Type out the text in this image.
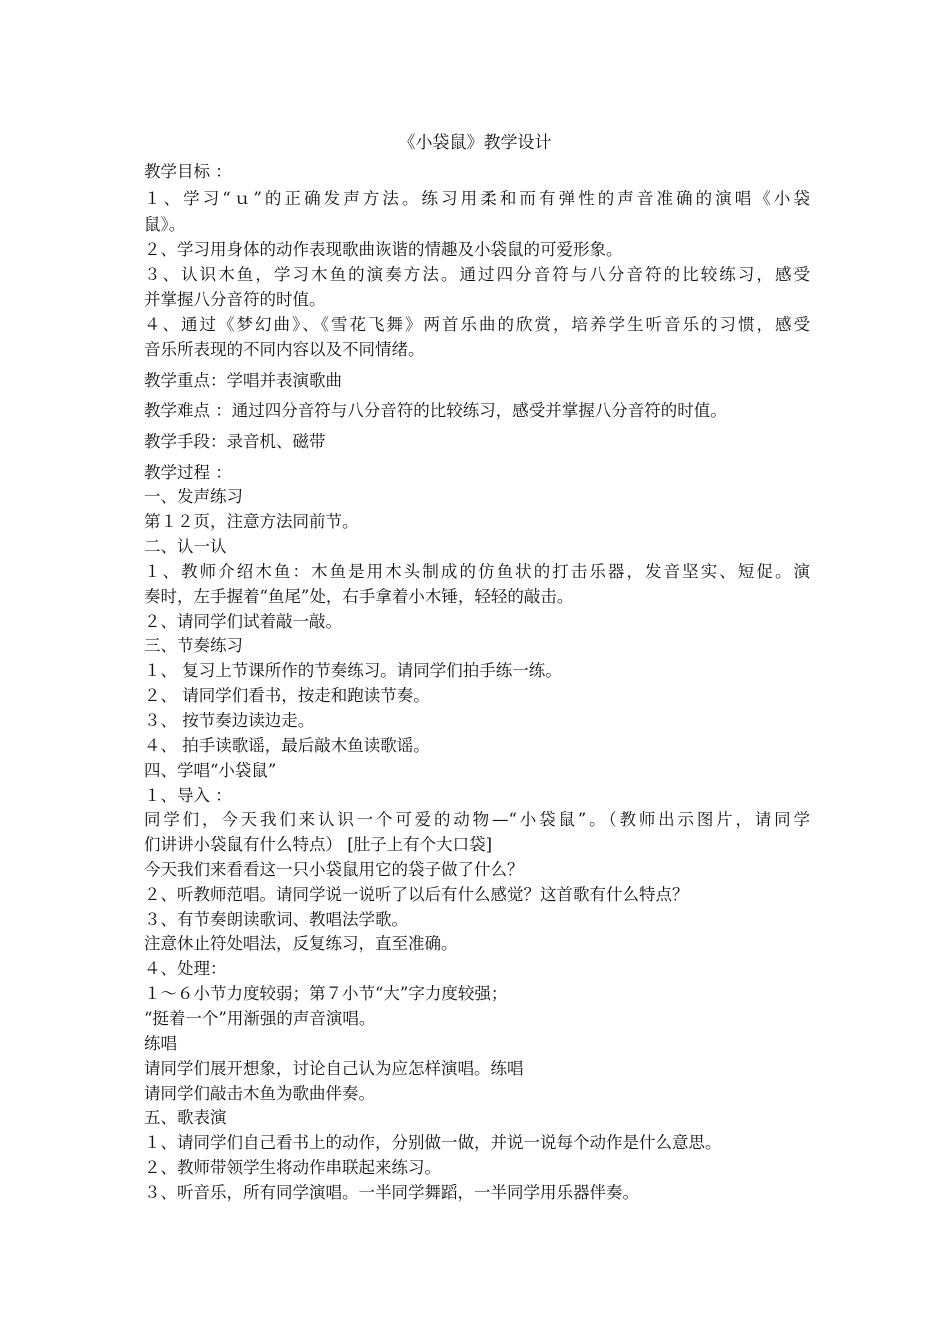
《小袋鼠》教学设计
教学目标 ：
１、学习“ｕ”的正确发声方法。练习用柔和而有弹性的声音准确的演唱《小袋
鼠》。
２、学习用身体的动作表现歌曲诙谐的情趣及小袋鼠的可爱形象。
３、认识木鱼，学习木鱼的演奏方法。通过四分音符与八分音符的比较练习，感受
并掌握八分音符的时值。
４、通过《梦幻曲》、《雪花飞舞》两首乐曲的欣赏，培养学生听音乐的习惯，感受
音乐所表现的不同内容以及不同情绪。
教学重点：学唱并表演歌曲
教学难点 ：通过四分音符与八分音符的比较练习，感受并掌握八分音符的时值。
教学手段：录音机、磁带
教学过程 ：
一、发声练习
第１２页，注意方法同前节。
二、认一认
１、教师介绍木鱼：木鱼是用木头制成的仿鱼状的打击乐器，发音坚实、短促。演
奏时，左手握着“鱼尾”处，右手拿着小木锤，轻轻的敲击。
２、请同学们试着敲一敲。
三、节奏练习
１、 复习上节课所作的节奏练习。请同学们拍手练一练。
２、 请同学们看书，按走和跑读节奏。
３、 按节奏边读边走。
４、 拍手读歌谣，最后敲木鱼读歌谣。
四、学唱“小袋鼠”
１、导入 ：
同学们，今天我们来认识一个可爱的动物—“小袋鼠”。（教师出示图片，请同学
们讲讲小袋鼠有什么特点） [肚子上有个大口袋]
今天我们来看看这一只小袋鼠用它的袋子做了什么？
２、听教师范唱。请同学说一说听了以后有什么感觉？这首歌有什么特点？
３、有节奏朗读歌词、教唱法学歌。
注意休止符处唱法，反复练习，直至准确。
４、处理：
１～６小节力度较弱；第７小节“大”字力度较强；
“挺着一个”用渐强的声音演唱。
练唱
请同学们展开想象，讨论自己认为应怎样演唱。练唱
请同学们敲击木鱼为歌曲伴奏。
五、歌表演
１、请同学们自己看书上的动作，分别做一做，并说一说每个动作是什么意思。
２、教师带领学生将动作串联起来练习。
３、听音乐，所有同学演唱。一半同学舞蹈，一半同学用乐器伴奏。
